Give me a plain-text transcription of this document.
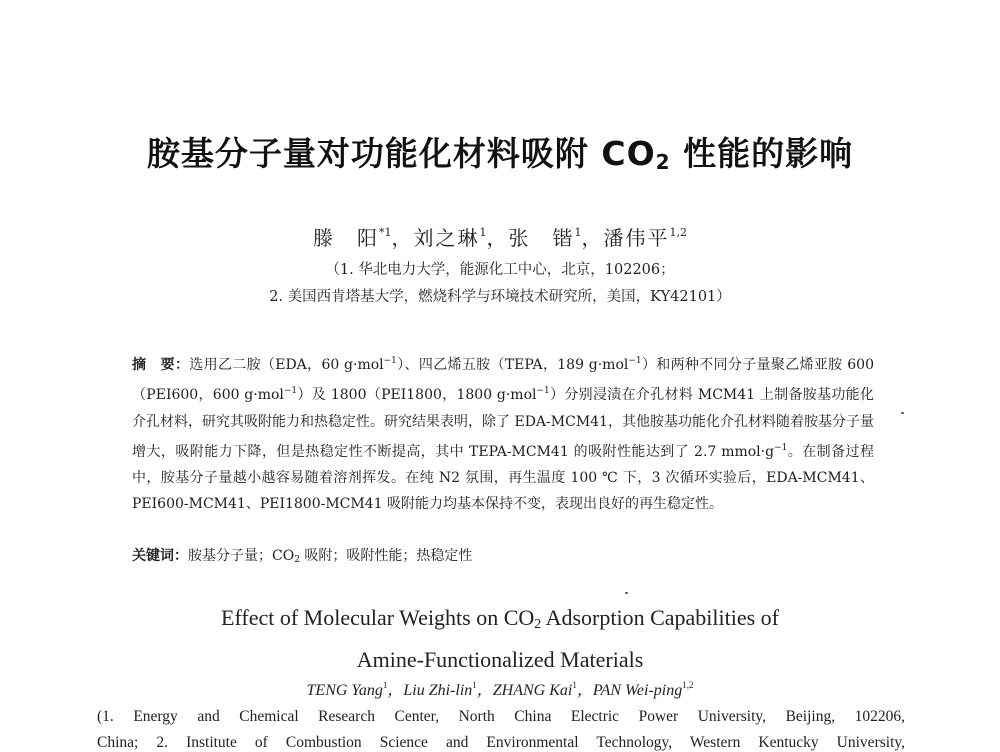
胺基分子量对功能化材料吸附 $CO_2$ 性能的影响
滕　阳$^{*1}$，刘之琳$^1$，张　锴$^1$，潘伟平$^{1,2}$
（1. 华北电力大学，能源化工中心，北京，102206；
2. 美国西肯塔基大学，燃烧科学与环境技术研究所，美国，KY42101）
摘　要：选用乙二胺（EDA，60 g·mol$^{-1}$）、四乙烯五胺（TEPA，189 g·mol$^{-1}$）和两种不同分子量聚乙烯亚胺 600（PEI600，600 g·mol$^{-1}$）及 1800（PEI1800，1800 g·mol$^{-1}$）分别浸渍在介孔材料 MCM41 上制备胺基功能化介孔材料，研究其吸附能力和热稳定性。研究结果表明，除了 EDA-MCM41，其他胺基功能化介孔材料随着胺基分子量增大，吸附能力下降，但是热稳定性不断提高，其中 TEPA-MCM41 的吸附性能达到了 2.7 $mmol\cdot g^{-1}$。在制备过程中，胺基分子量越小越容易随着溶剂挥发。在纯 N2 氛围，再生温度 100 ℃ 下，3 次循环实验后，EDA-MCM41、PEI600-MCM41、PEI1800-MCM41 吸附能力均基本保持不变，表现出良好的再生稳定性。
关键词：胺基分子量；$CO_2$ 吸附；吸附性能；热稳定性
Effect of Molecular Weights on $CO_2$ Adsorption Capabilities of
Amine-Functionalized Materials
TENG Yang$^1$，Liu Zhi-lin$^1$，ZHANG Kai$^1$，PAN Wei-ping$^{1,2}$
(1. Energy and Chemical Research Center, North China Electric Power University, Beijing, 102206,
China; 2. Institute of Combustion Science and Environmental Technology, Western Kentucky University,
